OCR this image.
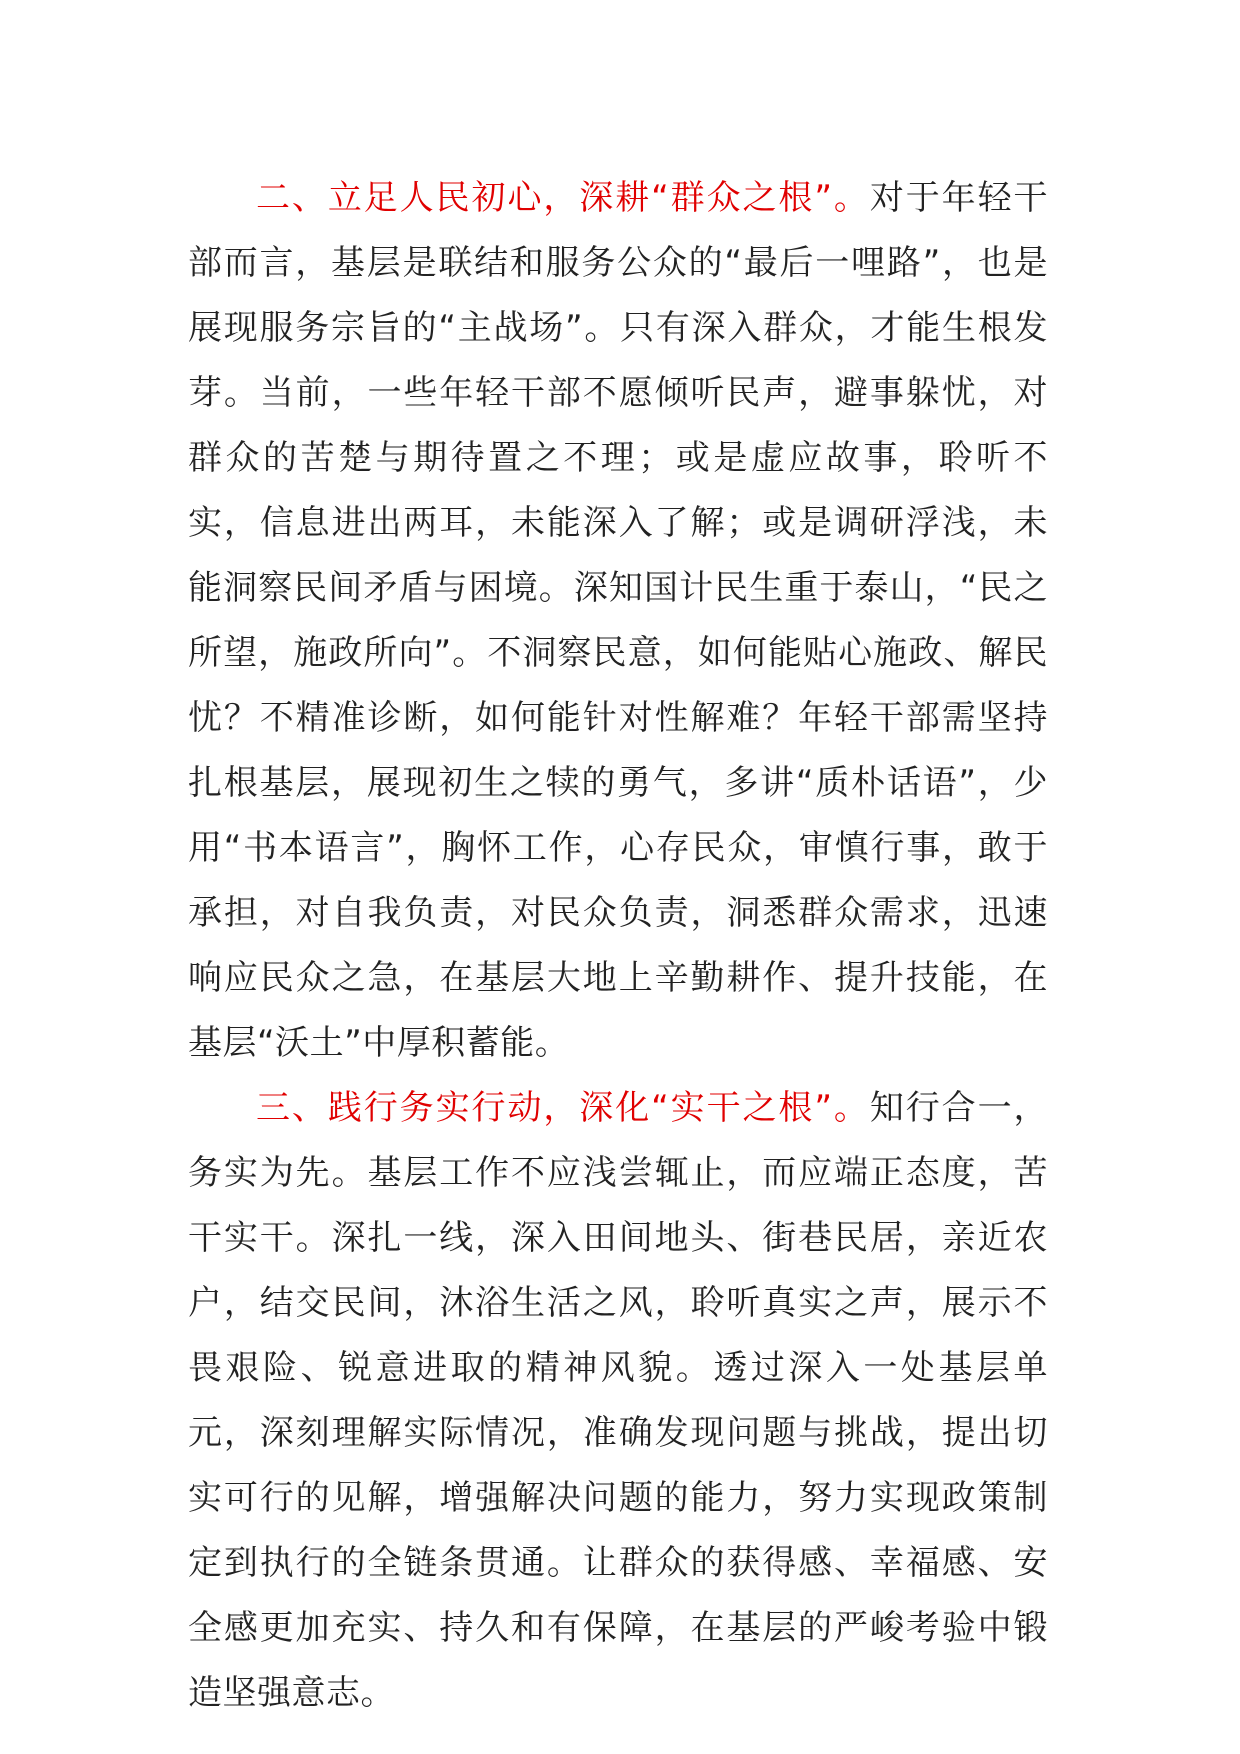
二、立足人民初心，深耕“群众之根”。对于年轻干部而言，基层是联结和服务公众的“最后一哩路”，也是展现服务宗旨的“主战场”。只有深入群众，才能生根发芽。当前，一些年轻干部不愿倾听民声，避事躲忧，对群众的苦楚与期待置之不理；或是虚应故事，聆听不实，信息进出两耳，未能深入了解；或是调研浮浅，未能洞察民间矛盾与困境。深知国计民生重于泰山，“民之所望，施政所向”。不洞察民意，如何能贴心施政、解民忧？不精准诊断，如何能针对性解难？年轻干部需坚持扎根基层，展现初生之犊的勇气，多讲“质朴话语”，少用“书本语言”，胸怀工作，心存民众，审慎行事，敢于承担，对自我负责，对民众负责，洞悉群众需求，迅速响应民众之急，在基层大地上辛勤耕作、提升技能，在基层“沃土”中厚积蓄能。

三、践行务实行动，深化“实干之根”。知行合一，务实为先。基层工作不应浅尝辄止，而应端正态度，苦干实干。深扎一线，深入田间地头、街巷民居，亲近农户，结交民间，沐浴生活之风，聆听真实之声，展示不畏艰险、锐意进取的精神风貌。透过深入一处基层单元，深刻理解实际情况，准确发现问题与挑战，提出切实可行的见解，增强解决问题的能力，努力实现政策制定到执行的全链条贯通。让群众的获得感、幸福感、安全感更加充实、持久和有保障，在基层的严峻考验中锻造坚强意志。
